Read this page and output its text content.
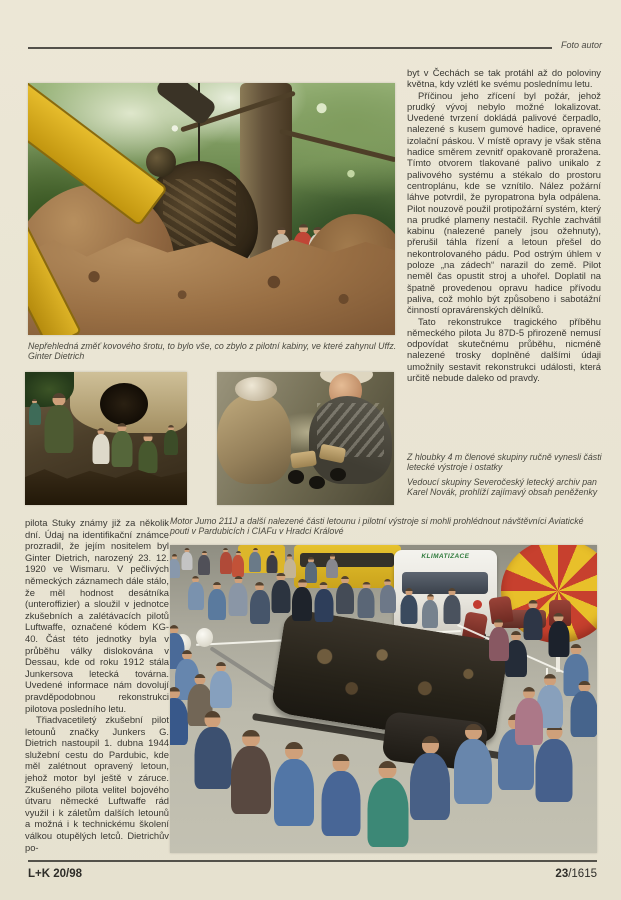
Foto autor
Nepřehledná změť kovového šrotu, to bylo vše, co zbylo z pilotní kabiny, ve které zahynul Uffz. Ginter Dietrich

byt v Čechách se tak protáhl až do poloviny května, kdy vzlétl ke svému poslednímu letu.

Příčinou jeho zřícení byl požár, jehož prudký vývoj nebylo možné lokalizovat. Uvedené tvrzení dokládá palivové čerpadlo, nalezené s kusem gumové hadice, opravené izolační páskou. V místě opravy je však stěna hadice směrem zevnitř opakovaně proražena. Tímto otvorem tlakované palivo unikalo z palivového systému a stékalo do prostoru centroplánu, kde se vznítilo. Nález požární láhve potvrdil, že pyropatrona byla odpálena. Pilot nouzově použil protipožární systém, který na prudké plameny nestačil. Rychle zachvátil kabinu (nalezené panely jsou ožehnuty), přerušil táhla řízení a letoun přešel do nekontrolovaného pádu. Pod ostrým úhlem v poloze „na zádech“ narazil do země. Pilot neměl čas opustit stroj a uhořel. Doplatil na špatně provedenou opravu hadice přívodu paliva, což mohlo být způsobeno i sabotážní činností opravárenských dělníků.

Tato rekonstrukce tragického příběhu německého pilota Ju 87D-5 přirozeně nemusí odpovídat skutečnému průběhu, nicméně nalezené trosky doplněné dalšími údaji umožnily sestavit rekonstrukci události, která určitě nebude daleko od pravdy.

Z hloubky 4 m členové skupiny ručně vynesli části letecké výstroje i ostatky
Vedoucí skupiny Severočeský letecký archiv pan Karel Novák, prohlíží zajímavý obsah peněženky
Motor Jumo 211J a další nalezené části letounu i pilotní výstroje si mohli prohlédnout návštěvníci Aviatické pouti v Pardubicích i CIAFu v Hradci Králové

pilota Stuky známy již za několik dní. Údaj na identifikační známce prozradil, že jejím nositelem byl Ginter Dietrich, narozený 23. 12. 1920 ve Wismaru. V pečlivých německých záznamech dále stálo, že měl hodnost desátníka (unteroffizier) a sloužil v jednotce zkušebních a zalétávacích pilotů Luftwaffe, označené kódem KG-40. Část této jednotky byla v průběhu války dislokována v Dessau, kde od roku 1912 stála Junkersova letecká továrna. Uvedené informace nám dovolují pravděpodobnou rekonstrukci pilotova posledního letu.

Třiadvacetiletý zkušební pilot letounů značky Junkers G. Dietrich nastoupil 1. dubna 1944 služební cestu do Pardubic, kde měl zalétnout opravený letoun, jehož motor byl ještě v záruce. Zkušeného pilota velitel bojového útvaru německé Luftwaffe rád využil i k záletům dalších letounů a možná i k technickému školení válkou otupělých letců. Dietrichův po-

KLIMATIZACE
L+K 20/98	23/1615
